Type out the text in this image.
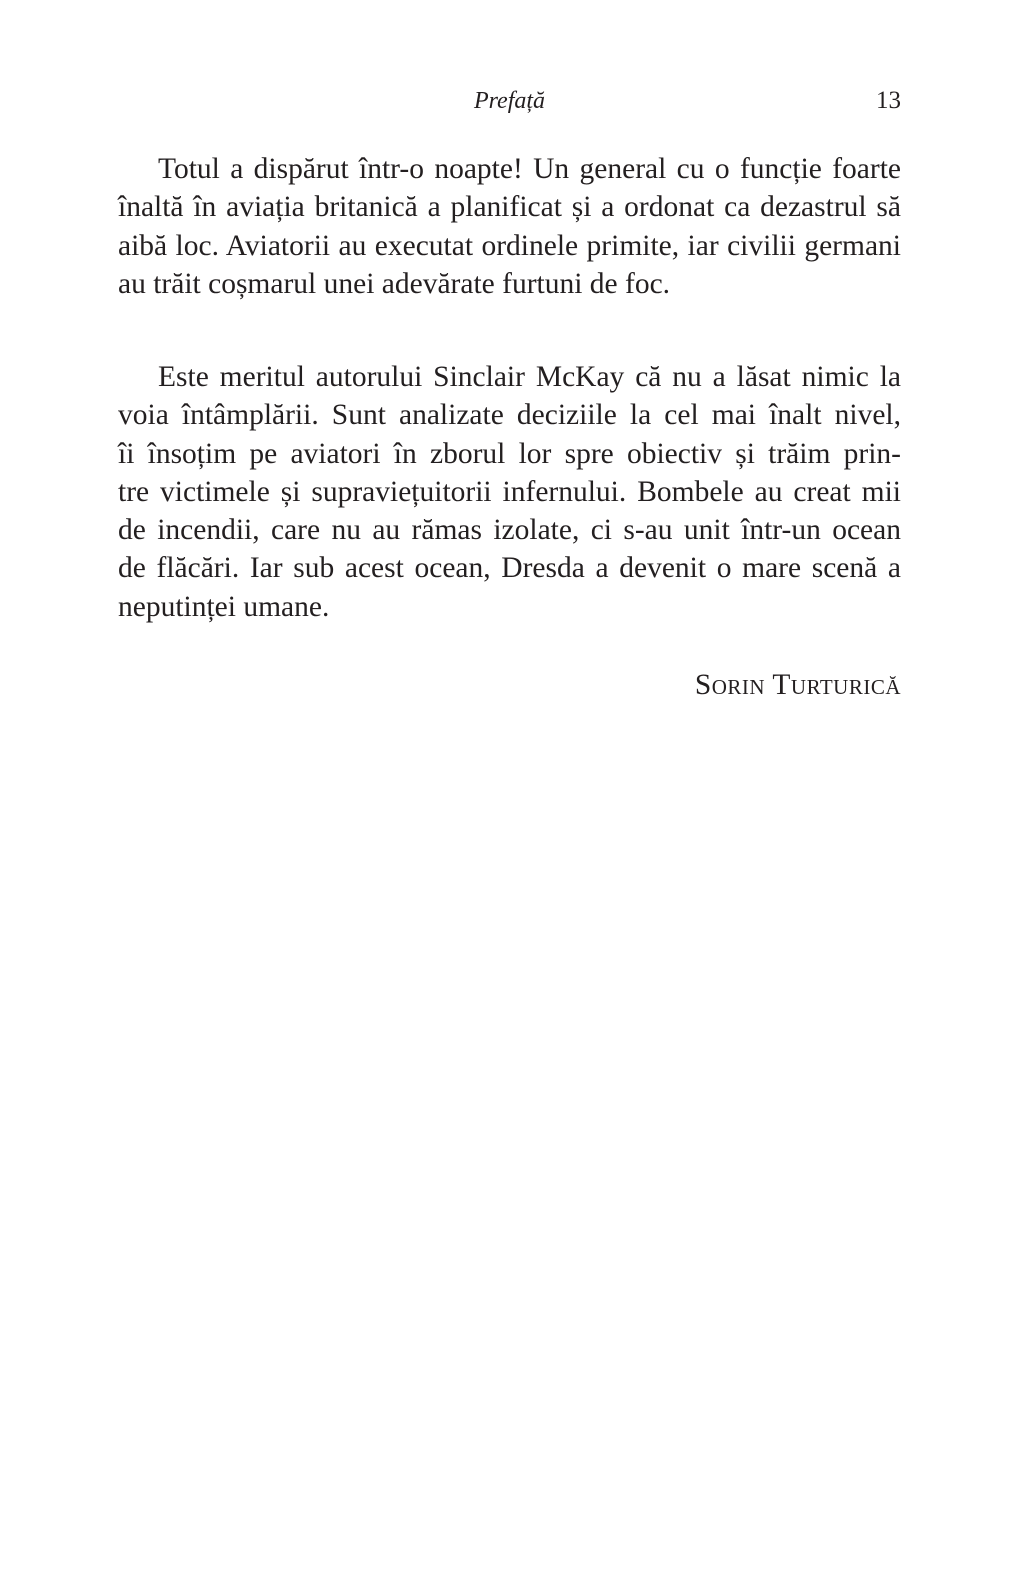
Prefață	13
Totul a dispărut într-o noapte! Un general cu o funcție foarte
înaltă în aviația britanică a planificat și a ordonat ca dezastrul să
aibă loc. Aviatorii au executat ordinele primite, iar civilii germani
au trăit coșmarul unei adevărate furtuni de foc.
Este meritul autorului Sinclair McKay că nu a lăsat nimic la
voia întâmplării. Sunt analizate deciziile la cel mai înalt nivel,
îi însoțim pe aviatori în zborul lor spre obiectiv și trăim prin-
tre victimele și supraviețuitorii infernului. Bombele au creat mii
de incendii, care nu au rămas izolate, ci s-au unit într-un ocean
de flăcări. Iar sub acest ocean, Dresda a devenit o mare scenă a
neputinței umane.
Sorin Turturică
